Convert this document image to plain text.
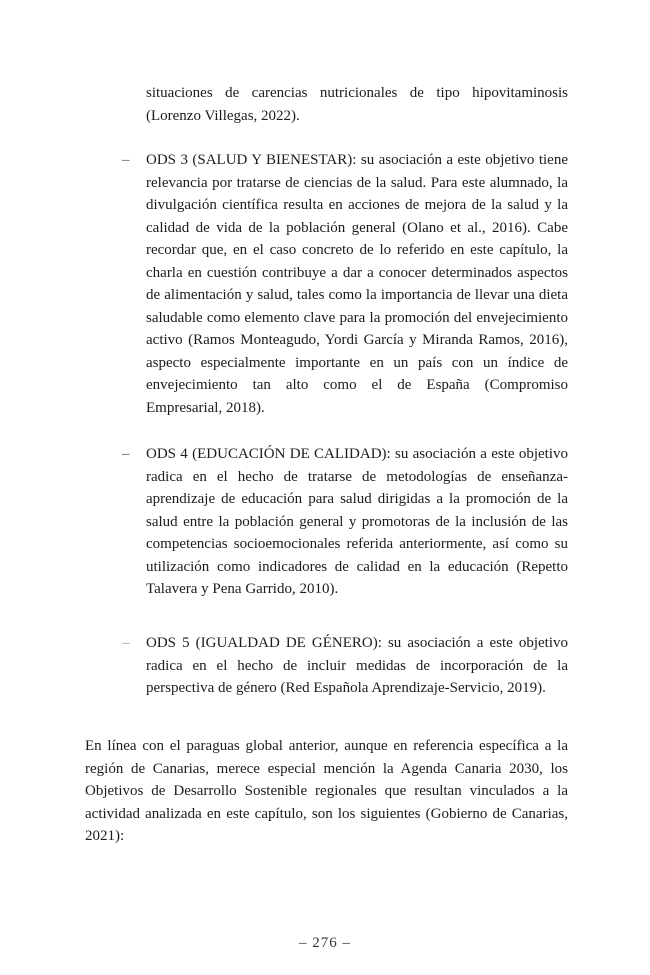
situaciones de carencias nutricionales de tipo hipovitaminosis (Lorenzo Villegas, 2022).

–	ODS 3 (SALUD Y BIENESTAR): su asociación a este objetivo tiene relevancia por tratarse de ciencias de la salud. Para este alumnado, la divulgación científica resulta en acciones de mejora de la salud y la calidad de vida de la población general (Olano et al., 2016). Cabe recordar que, en el caso concreto de lo referido en este capítulo, la charla en cuestión contribuye a dar a conocer determinados aspectos de alimentación y salud, tales como la importancia de llevar una dieta saludable como elemento clave para la promoción del envejecimiento activo (Ramos Monteagudo, Yordi García y Miranda Ramos, 2016), aspecto especialmente importante en un país con un índice de envejecimiento tan alto como el de España (Compromiso Empresarial, 2018).

–	ODS 4 (EDUCACIÓN DE CALIDAD): su asociación a este objetivo radica en el hecho de tratarse de metodologías de enseñanza-aprendizaje de educación para salud dirigidas a la promoción de la salud entre la población general y promotoras de la inclusión de las competencias socioemocionales referida anteriormente, así como su utilización como indicadores de calidad en la educación (Repetto Talavera y Pena Garrido, 2010).

–	ODS 5 (IGUALDAD DE GÉNERO): su asociación a este objetivo radica en el hecho de incluir medidas de incorporación de la perspectiva de género (Red Española Aprendizaje-Servicio, 2019).

En línea con el paraguas global anterior, aunque en referencia específica a la región de Canarias, merece especial mención la Agenda Canaria 2030, los Objetivos de Desarrollo Sostenible regionales que resultan vinculados a la actividad analizada en este capítulo, son los siguientes (Gobierno de Canarias, 2021):

– 276 –
